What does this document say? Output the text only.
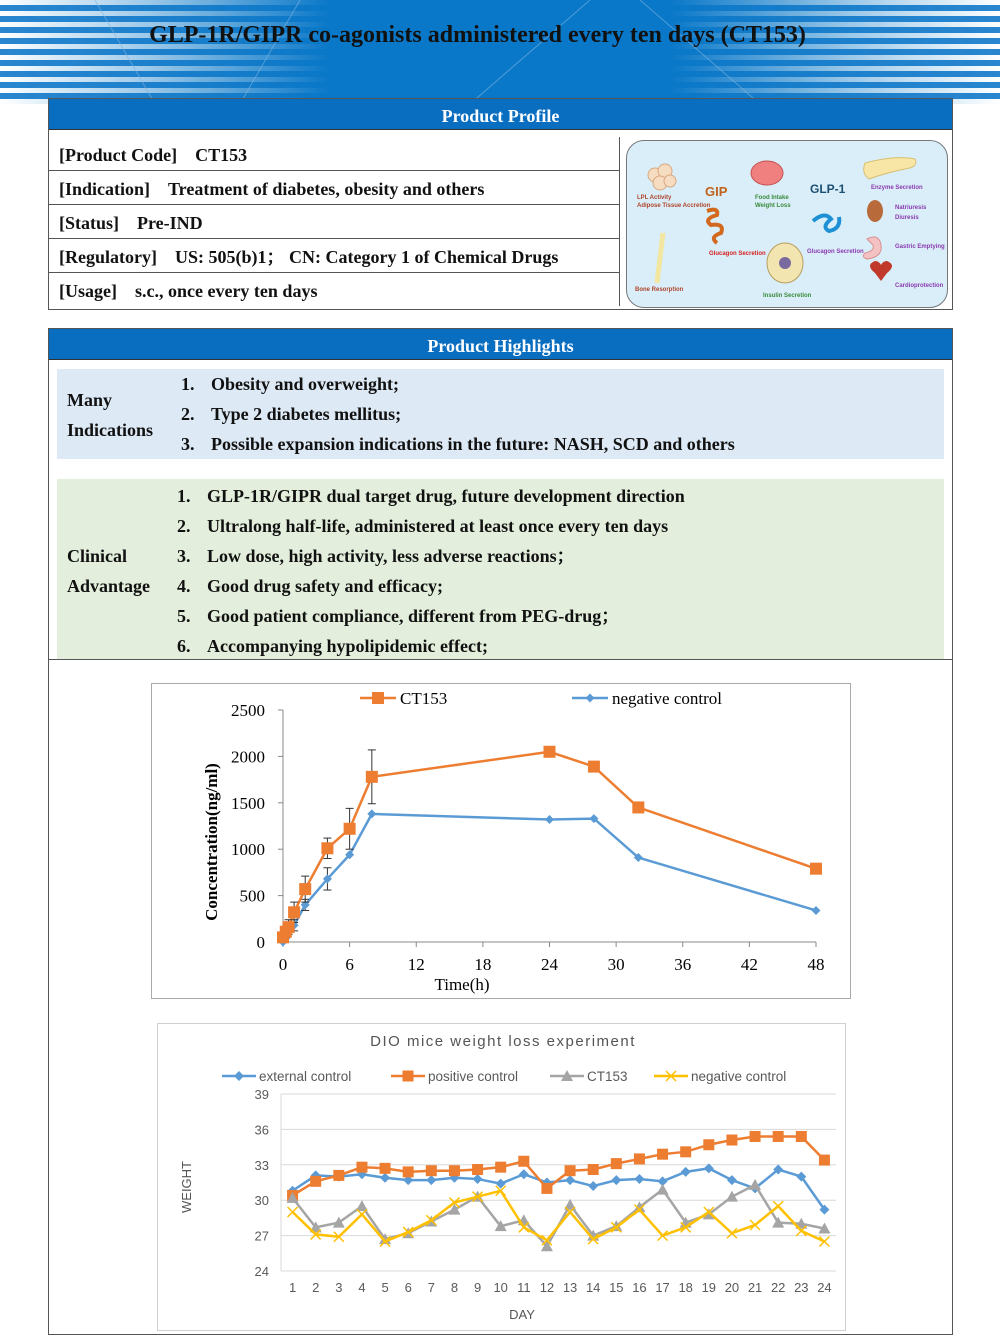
GLP-1R/GIPR co-agonists administered every ten days (CT153)
Product Profile
[Product Code] CT153
[Indication] Treatment of diabetes, obesity and others
[Status] Pre-IND
[Regulatory] US: 505(b)1； CN: Category 1 of Chemical Drugs
[Usage] s.c., once every ten days
LPL Activity
Adipose Tissue Accretion
GIP	Food Intake
Weight Loss
GLP-1	Enzyme Secretion
Natriuresis
Diuresis
Gastric Emptying
Cardioprotection
Bone Resorption
Glucagon Secretion	Glucagon Secretion
Insulin Secretion
Product Highlights
Many
Indications
1. Obesity and overweight;
2. Type 2 diabetes mellitus;
3. Possible expansion indications in the future: NASH, SCD and others
Clinical
Advantage
1. GLP-1R/GIPR dual target drug, future development direction
2. Ultralong half-life, administered at least once every ten days
3. Low dose, high activity, less adverse reactions；
4. Good drug safety and efficacy;
5. Good patient compliance, different from PEG-drug；
6. Accompanying hypolipidemic effect;
0
500
1000
1500
2000
2500
0	6	12	18	24	30	36	42	48
CT153	negative control
Time(h)
Concentration(ng/ml)
DIO mice weight loss experiment
24
27
30
33
36
39
1 2 3 4 5 6 7 8 9 10 11 12 13 14 15 16 17 18 19 20 21 22 23 24
external control	positive control	CT153	negative control
DAY
WEIGHT
